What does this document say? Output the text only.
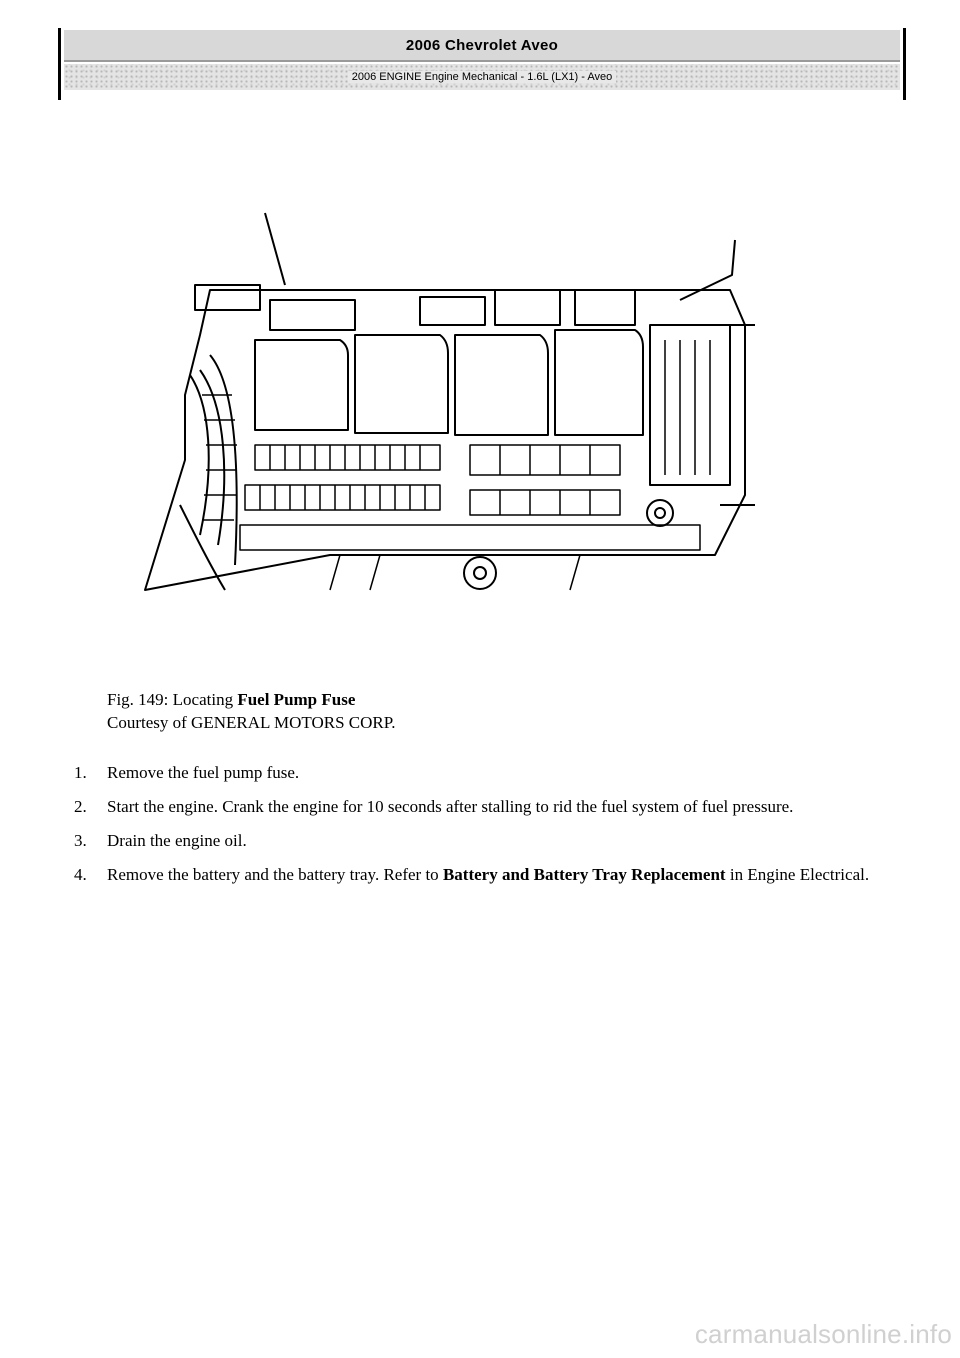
2006 Chevrolet Aveo
2006 ENGINE Engine Mechanical - 1.6L (LX1) - Aveo
Fig. 149: Locating Fuel Pump Fuse
Courtesy of GENERAL MOTORS CORP.
1. Remove the fuel pump fuse.
2. Start the engine. Crank the engine for 10 seconds after stalling to rid the fuel system of fuel pressure.
3. Drain the engine oil.
4. Remove the battery and the battery tray. Refer to Battery and Battery Tray Replacement in Engine Electrical.
carmanualsonline.info
